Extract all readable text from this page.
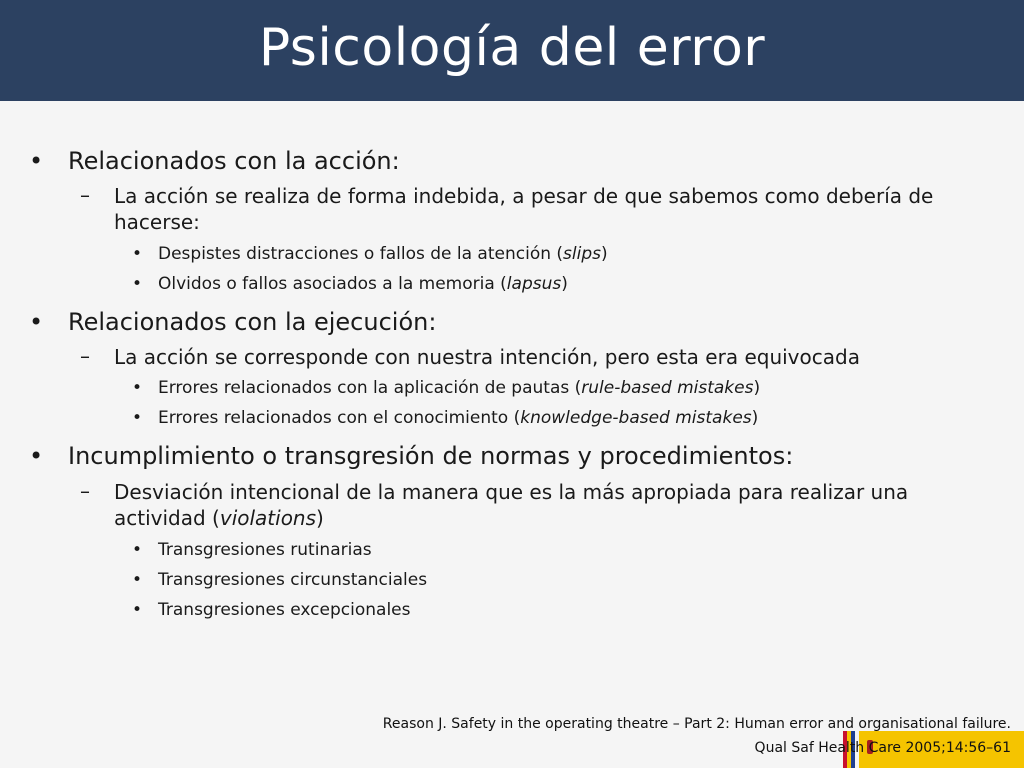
Psicología del error
• Relacionados con la acción:
– La acción se realiza de forma indebida, a pesar de que sabemos como debería de
hacerse:
• Despistes distracciones o fallos de la atención (slips)
• Olvidos o fallos asociados a la memoria (lapsus)
• Relacionados con la ejecución:
– La acción se corresponde con nuestra intención, pero esta era equivocada
• Errores relacionados con la aplicación de pautas (rule-based mistakes)
• Errores relacionados con el conocimiento (knowledge-based mistakes)
• Incumplimiento o transgresión de normas y procedimientos:
– Desviación intencional de la manera que es la más apropiada para realizar una
actividad (violations)
• Transgresiones rutinarias
• Transgresiones circunstanciales
• Transgresiones excepcionales
Reason J. Safety in the operating theatre – Part 2: Human error and organisational failure.
Qual Saf Health Care 2005;14:56–61
